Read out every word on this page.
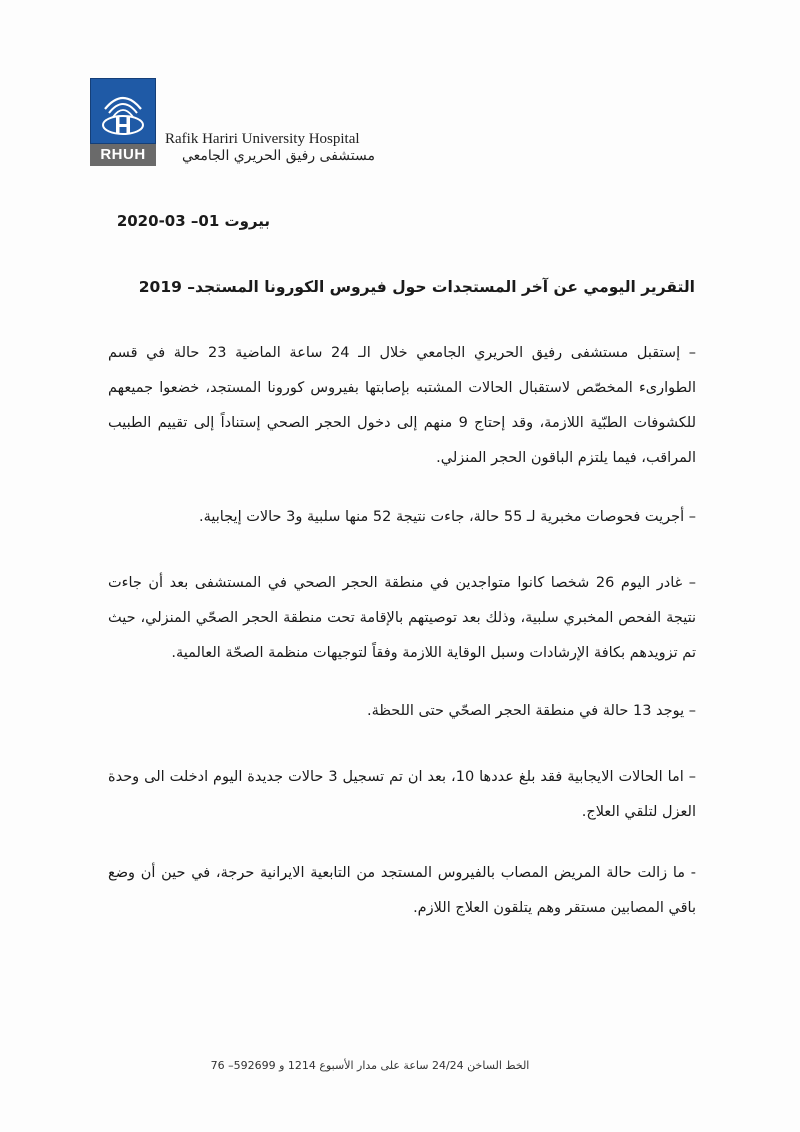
RHUH
Rafik Hariri University Hospital
مستشفى رفيق الحريري الجامعي
بيروت 01– 03-2020
التقرير اليومي عن آخر المستجدات حول فيروس الكورونا المستجد– 2019

– إستقبل مستشفى رفيق الحريري الجامعي خلال الـ 24 ساعة الماضية 23 حالة في قسم الطوارىء المخصّص لاستقبال الحالات المشتبه بإصابتها بفيروس كورونا المستجد، خضعوا جميعهم للكشوفات الطبّية اللازمة، وقد إحتاج 9 منهم إلى دخول الحجر الصحي إستناداً إلى تقييم الطبيب المراقب، فيما يلتزم الباقون الحجر المنزلي.

– أجريت فحوصات مخبرية لـ 55 حالة، جاءت نتيجة 52 منها سلبية و3 حالات إيجابية.

– غادر اليوم 26 شخصا كانوا متواجدين في منطقة الحجر الصحي في المستشفى بعد أن جاءت نتيجة الفحص المخبري سلبية، وذلك بعد توصيتهم بالإقامة تحت منطقة الحجر الصحّي المنزلي، حيث تم تزويدهم بكافة الإرشادات وسبل الوقاية اللازمة وفقاً لتوجيهات منظمة الصحّة العالمية.

– يوجد 13 حالة في منطقة الحجر الصحّي حتى اللحظة.

– اما الحالات الايجابية فقد بلغ عددها 10، بعد ان تم تسجيل 3 حالات جديدة اليوم ادخلت الى وحدة العزل لتلقي العلاج.

- ما زالت حالة المريض المصاب بالفيروس المستجد من التابعية الايرانية حرجة، في حين أن وضع باقي المصابين مستقر وهم يتلقون العلاج اللازم.

الخط الساخن 24/24 ساعة على مدار الأسبوع 1214 و 592699– 76
